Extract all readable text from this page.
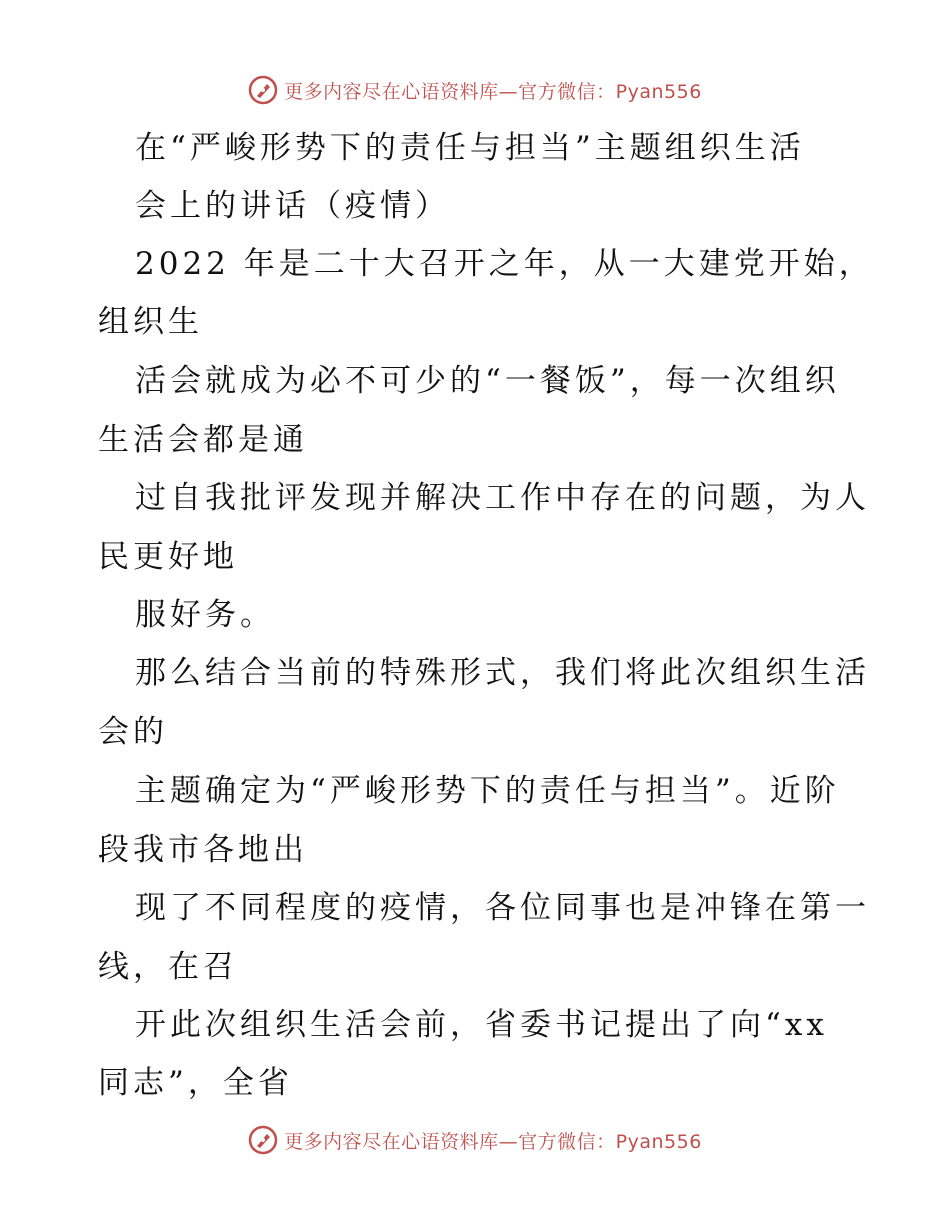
更多内容尽在心语资料库—官方微信：Pyan556
在“严峻形势下的责任与担当”主题组织生活
会上的讲话（疫情）
2022 年是二十大召开之年，从一大建党开始，
组织生
活会就成为必不可少的“一餐饭”，每一次组织
生活会都是通
过自我批评发现并解决工作中存在的问题，为人
民更好地
服好务。
那么结合当前的特殊形式，我们将此次组织生活
会的
主题确定为“严峻形势下的责任与担当”。近阶
段我市各地出
现了不同程度的疫情，各位同事也是冲锋在第一
线，在召
开此次组织生活会前，省委书记提出了向“xx
同志”，全省
更多内容尽在心语资料库—官方微信：Pyan556
